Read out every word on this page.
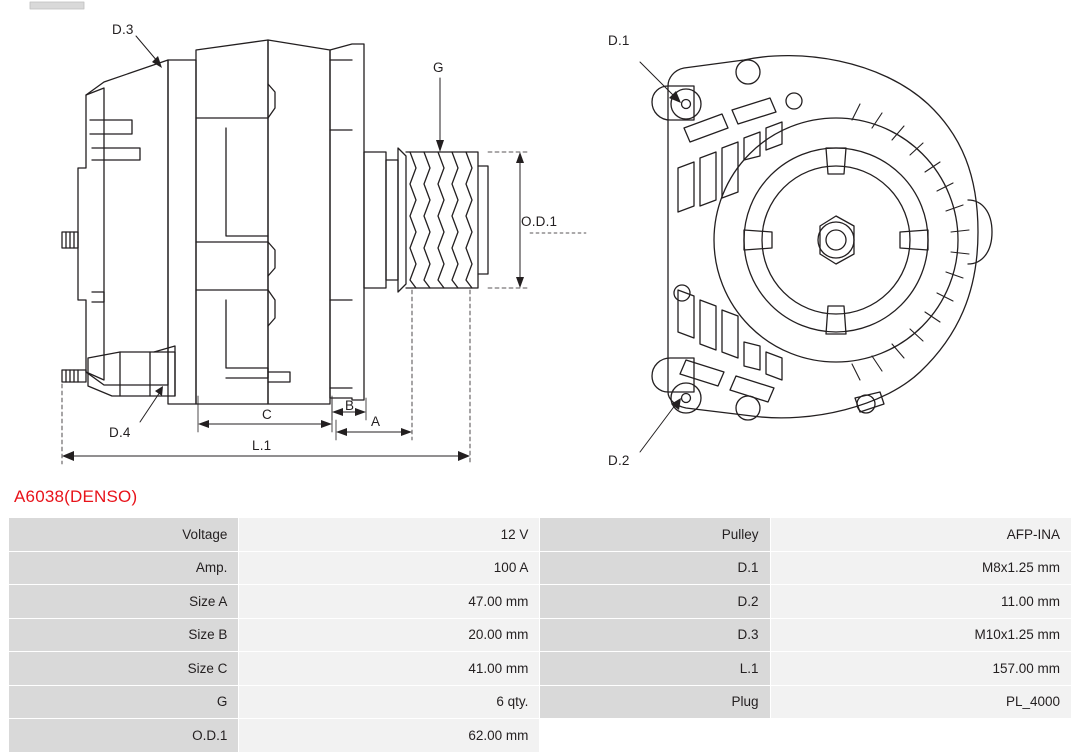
D.3
G
O.D.1
D.4
C
B
A
L.1
D.1
D.2
A6038(DENSO)
Voltage	12 V	Pulley	AFP-INA
Amp.	100 A	D.1	M8x1.25 mm
Size A	47.00 mm	D.2	11.00 mm
Size B	20.00 mm	D.3	M10x1.25 mm
Size C	41.00 mm	L.1	157.00 mm
G	6 qty.	Plug	PL_4000
O.D.1	62.00 mm		
